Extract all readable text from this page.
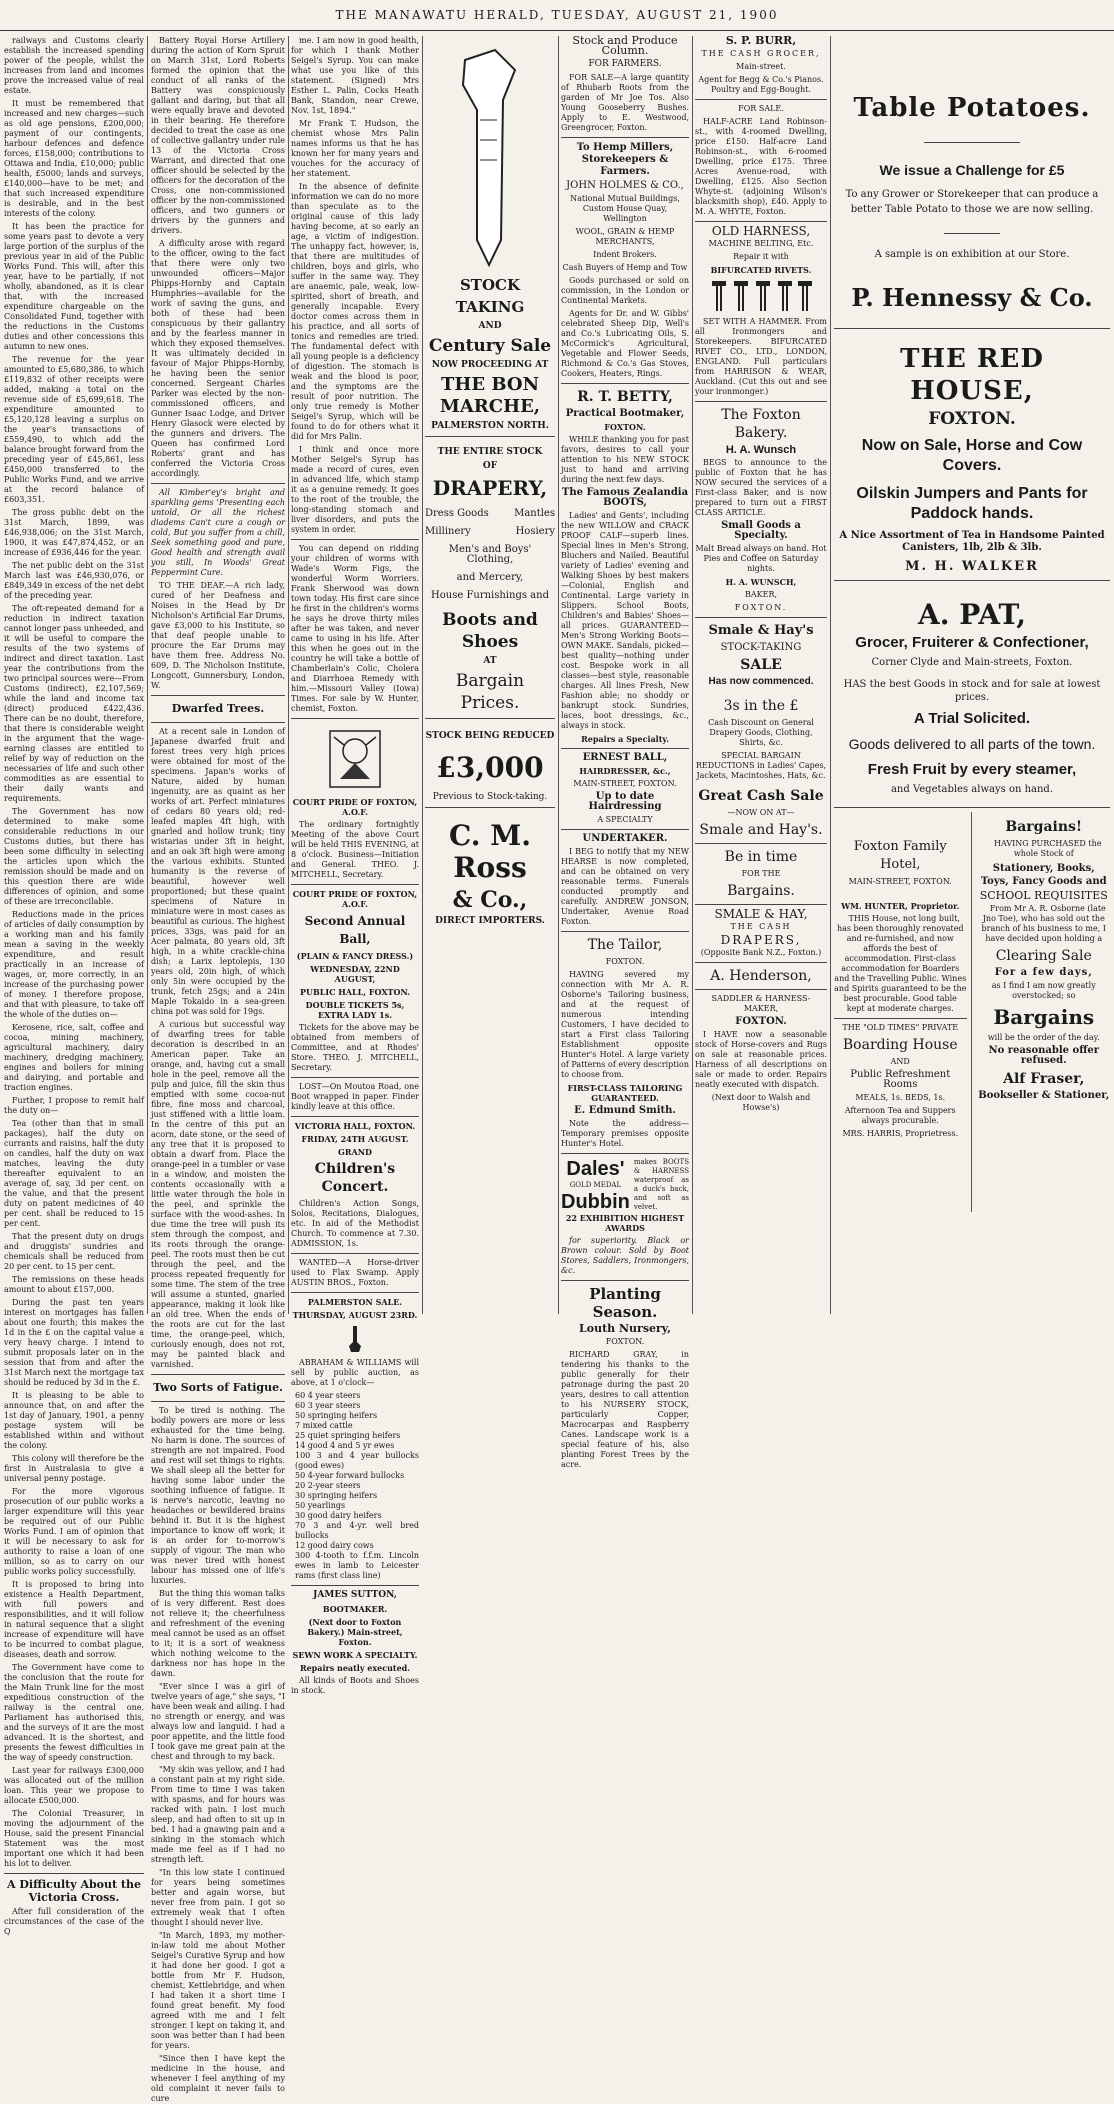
THE MANAWATU HERALD, TUESDAY, AUGUST 21, 1900

railways and Customs clearly establish the increased spending power of the people, whilst the increases from land and incomes prove the increased value of real estate.

It must be remembered that increased and new charges—such as old age pensions, £200,000; payment of our contingents, harbour defences and defence forces, £158,000; contributions to Ottawa and India, £10,000; public health, £5000; lands and surveys, £140,000—have to be met; and that such increased expenditure is desirable, and in the best interests of the colony.

It has been the practice for some years past to devote a very large portion of the surplus of the previous year in aid of the Public Works Fund. This will, after this year, have to be partially, if not wholly, abandoned, as it is clear that, with the increased expenditure chargeable on the Consolidated Fund, together with the reductions in the Customs duties and other concessions this autumn to new ones.

The revenue for the year amounted to £5,680,386, to which £119,832 of other receipts were added, making a total on the revenue side of £5,699,618. The expenditure amounted to £5,120,128 leaving a surplus on the year's transactions of £559,490, to which add the balance brought forward from the preceding year of £45,861, less £450,000 transferred to the Public Works Fund, and we arrive at the record balance of £603,351.

The gross public debt on the 31st March, 1899, was £46,938,006; on the 31st March, 1900, it was £47,874,452, or an increase of £936,446 for the year.

The net public debt on the 31st March last was £46,930,076, or £849,349 in excess of the net debt of the preceding year.

The oft-repeated demand for a reduction in indirect taxation cannot longer pass unheeded, and it will be useful to compare the results of the two systems of indirect and direct taxation. Last year the contributions from the two principal sources were—From Customs (indirect), £2,107,569; while the land and income tax (direct) produced £422,436. There can be no doubt, therefore, that there is considerable weight in the argument that the wage-earning classes are entitled to relief by way of reduction on the necessaries of life and such other commodities as are essential to their daily wants and requirements.

The Government has now determined to make some considerable reductions in our Customs duties, but there has been some difficulty in selecting the articles upon which the remission should be made and on this question there are wide differences of opinion, and some of these are irreconcilable.

Reductions made in the prices of articles of daily consumption by a working man and his family mean a saving in the weekly expenditure, and result practically in an increase of wages, or, more correctly, in an increase of the purchasing power of money. I therefore propose, and that with pleasure, to take off the whole of the duties on—

Kerosene, rice, salt, coffee and cocoa, mining machinery, agricultural machinery, dairy machinery, dredging machinery, engines and boilers for mining and dairying, and portable and traction engines.

Further, I propose to remit half the duty on—

Tea (other than that in small packages), half the duty on currants and raisins, half the duty on candles, half the duty on wax matches, leaving the duty thereafter equivalent to an average of, say, 3d per cent. on the value, and that the present duty on patent medicines of 40 per cent. shall be reduced to 15 per cent.

That the present duty on drugs and druggists' sundries and chemicals shall be reduced from 20 per cent. to 15 per cent.

The remissions on these heads amount to about £157,000.

During the past ten years interest on mortgages has fallen about one fourth; this makes the 1d in the £ on the capital value a very heavy charge. I intend to submit proposals later on in the session that from and after the 31st March next the mortgage tax should be reduced by 3d in the £.

It is pleasing to be able to announce that, on and after the 1st day of January, 1901, a penny postage system will be established within and without the colony.

This colony will therefore be the first in Australasia to give a universal penny postage.

For the more vigorous prosecution of our public works a larger expenditure will this year be required out of our Public Works Fund. I am of opinion that it will be necessary to ask for authority to raise a loan of one million, so as to carry on our public works policy successfully.

It is proposed to bring into existence a Health Department, with full powers and responsibilities, and it will follow in natural sequence that a slight increase of expenditure will have to be incurred to combat plague, diseases, death and sorrow.

The Government have come to the conclusion that the route for the Main Trunk line for the most expeditious construction of the railway is the central one. Parliament has authorised this, and the surveys of it are the most advanced. It is the shortest, and presents the fewest difficulties in the way of speedy construction.

Last year for railways £300,000 was allocated out of the million loan. This year we propose to allocate £500,000.

The Colonial Treasurer, in moving the adjournment of the House, said the present Financial Statement was the most important one which it had been his lot to deliver.

A Difficulty About the Victoria Cross.

After full consideration of the circumstances of the case of the Q

Battery Royal Horse Artillery during the action of Korn Spruit on March 31st, Lord Roberts formed the opinion that the conduct of all ranks of the Battery was conspicuously gallant and daring, but that all were equally brave and devoted in their bearing. He therefore decided to treat the case as one of collective gallantry under rule 13 of the Victoria Cross Warrant, and directed that one officer should be selected by the officers for the decoration of the Cross, one non-commissioned officer by the non-commissioned officers, and two gunners or drivers by the gunners and drivers.

A difficulty arose with regard to the officer, owing to the fact that there were only two unwounded officers—Major Phipps-Hornby and Captain Humphries—available for the work of saving the guns, and both of these had been conspicuous by their gallantry and by the fearless manner in which they exposed themselves. It was ultimately decided in favour of Major Phipps-Hornby, he having been the senior concerned. Sergeant Charles Parker was elected by the non-commissioned officers, and Gunner Isaac Lodge, and Driver Henry Glasock were elected by the gunners and drivers. The Queen has confirmed Lord Roberts' grant and has conferred the Victoria Cross accordingly.

All Kimber'ey's bright and sparkling gems 'Presenting each untold, Or all the richest diadems Can't cure a cough or cold, But you suffer from a chill, Seek something good and pure, Good health and strength avail you still, In Woods' Great Peppermint Cure.

TO THE DEAF.—A rich lady, cured of her Deafness and Noises in the Head by Dr Nicholson's Artificial Ear Drums, gave £3,000 to his Institute, so that deaf people unable to procure the Ear Drums may have them free. Address No. 609, D. The Nicholson Institute, Longcott, Gunnersbury, London, W.

Dwarfed Trees.

At a recent sale in London of Japanese dwarfed fruit and forest trees very high prices were obtained for most of the specimens. Japan's works of Nature, aided by human ingenuity, are as quaint as her works of art. Perfect miniatures of cedars 80 years old; red-leafed maples 4ft high, with gnarled and hollow trunk; tiny wistarias under 3ft in height, and an oak 3ft high were among the various exhibits. Stunted humanity is the reverse of beautiful, however well proportioned; but these quaint specimens of Nature in miniature were in most cases as beautiful as curious. The highest prices, 33gs, was paid for an Acer palmata, 80 years old, 3ft high, in a white crackle-china dish; a Larix leptolepis, 130 years old, 20in high, of which only 5in were occupied by the trunk, fetch 25gs; and a 24in Maple Tokaido in a sea-green china pot was sold for 19gs.

A curious but successful way of dwarfing trees for table decoration is described in an American paper. Take an orange, and, having cut a small hole in the peel, remove all the pulp and juice, fill the skin thus emptied with some cocoa-nut fibre, fine moss and charcoal, just stiffened with a little loam. In the centre of this put an acorn, date stone, or the seed of any tree that it is proposed to obtain a dwarf from. Place the orange-peel in a tumbler or vase in a window, and moisten the contents occasionally with a little water through the hole in the peel, and sprinkle the surface with the wood-ashes. In due time the tree will push its stem through the compost, and its roots through the orange-peel. The roots must then be cut through the peel, and the process repeated frequently for some time. The stem of the tree will assume a stunted, gnarled appearance, making it look like an old tree. When the ends of the roots are cut for the last time, the orange-peel, which, curiously enough, does not rot, may be painted black and varnished.

Two Sorts of Fatigue.

To be tired is nothing. The bodily powers are more or less exhausted for the time being. No harm is done. The sources of strength are not impaired. Food and rest will set things to rights. We shall sleep all the better for having some labor under the soothing influence of fatigue. It is nerve's narcotic, leaving no headaches or bewildered brains behind it. But it is the highest importance to know off work; it is an order for to-morrow's supply of vigour. The man who was never tired with honest labour has missed one of life's luxuries.

But the thing this woman talks of is very different. Rest does not relieve it; the cheerfulness and refreshment of the evening meal cannot be used as an offset to it; it is a sort of weakness which nothing welcome to the darkness nor has hope in the dawn.

"Ever since I was a girl of twelve years of age," she says, "I have been weak and ailing. I had no strength or energy, and was always low and languid. I had a poor appetite, and the little food I took gave me great pain at the chest and through to my back.

"My skin was yellow, and I had a constant pain at my right side. From time to time I was taken with spasms, and for hours was racked with pain. I lost much sleep, and had often to sit up in bed. I had a gnawing pain and a sinking in the stomach which made me feel as if I had no strength left.

"In this low state I continued for years being sometimes better and again worse, but never free from pain. I got so extremely weak that I often thought I should never live.

"In March, 1893, my mother-in-law told me about Mother Seigel's Curative Syrup and how it had done her good. I got a bottle from Mr F. Hudson, chemist, Kettlebridge, and when I had taken it a short time I found great benefit. My food agreed with me and I felt stronger. I kept on taking it, and soon was better than I had been for years.

"Since then I have kept the medicine in the house, and whenever I feel anything of my old complaint it never fails to cure

me. I am now in good health, for which I thank Mother Seigel's Syrup. You can make what use you like of this statement. (Signed) Mrs Esther L. Palin, Cocks Heath Bank, Standon, near Crewe, Nov. 1st, 1894."

Mr Frank T. Hudson, the chemist whose Mrs Palin names informs us that he has known her for many years and vouches for the accuracy of her statement.

In the absence of definite information we can do no more than speculate as to the original cause of this lady having become, at so early an age, a victim of indigestion. The unhappy fact, however, is, that there are multitudes of children, boys and girls, who suffer in the same way. They are anaemic, pale, weak, low-spirited, short of breath, and generally incapable. Every doctor comes across them in his practice, and all sorts of tonics and remedies are tried. The fundamental defect with all young people is a deficiency of digestion. The stomach is weak and the blood is poor, and the symptoms are the result of poor nutrition. The only true remedy is Mother Seigel's Syrup, which will be found to do for others what it did for Mrs Palin.

I think and once more Mother Seigel's Syrup has made a record of cures, even in advanced life, which stamp it as a genuine remedy. It goes to the root of the trouble, the long-standing stomach and liver disorders, and puts the system in order.

You can depend on ridding your children of worms with Wade's Worm Figs, the wonderful Worm Worriers. Frank Sherwood was down town today. His first care since he first in the children's worms he says he drove thirty miles after he was taken, and never came to using in his life. After this when he goes out in the country he will take a bottle of Chamberlain's Colic, Cholera and Diarrhoea Remedy with him.—Missouri Valley (Iowa) Times. For sale by W. Hunter, chemist, Foxton.

COURT PRIDE OF FOXTON, A.O.F.

The ordinary fortnightly Meeting of the above Court will be held THIS EVENING, at 8 o'clock. Business—Initiation and General. THEO. J. MITCHELL, Secretary.

COURT PRIDE OF FOXTON, A.O.F.

Second Annual Ball,

(PLAIN & FANCY DRESS.)

WEDNESDAY, 22ND AUGUST,

PUBLIC HALL, FOXTON.

DOUBLE TICKETS 5s, EXTRA LADY 1s.

Tickets for the above may be obtained from members of Committee, and at Rhodes' Store. THEO. J. MITCHELL, Secretary.

LOST—On Moutoa Road, one Boot wrapped in paper. Finder kindly leave at this office.

VICTORIA HALL, FOXTON.

FRIDAY, 24TH AUGUST.

GRAND

Children's Concert.

Children's Action Songs, Solos, Recitations, Dialogues, etc. In aid of the Methodist Church. To commence at 7.30. ADMISSION, 1s.

WANTED—A Horse-driver used to Flax Swamp. Apply AUSTIN BROS., Foxton.

PALMERSTON SALE.

THURSDAY, AUGUST 23RD.

ABRAHAM & WILLIAMS will sell by public auction, as above, at 1 o'clock—

60 4 year steers
60 3 year steers
50 springing heifers
7 mixed cattle
25 quiet springing heifers
14 good 4 and 5 yr ewes
100 3 and 4 year bullocks (good ewes)
50 4-year forward bullocks
20 2-year steers
30 springing heifers
50 yearlings
30 good dairy heifers
70 3 and 4-yr. well bred bullocks
12 good dairy cows
300 4-tooth to f.f.m. Lincoln ewes in lamb to Leicester rams (first class line)

JAMES SUTTON,

BOOTMAKER.

(Next door to Foxton Bakery.) Main-street, Foxton.

SEWN WORK A SPECIALTY.

Repairs neatly executed.

All kinds of Boots and Shoes in stock.

STOCK TAKING

AND

Century Sale

NOW PROCEEDING AT

THE BON MARCHE,

PALMERSTON NORTH.

THE ENTIRE STOCK

OF

DRAPERY,

Dress Goods	Mantles
Millinery	Hosiery

Men's and Boys' Clothing,

and Mercery,

House Furnishings and

Boots and Shoes

AT

Bargain Prices.

STOCK BEING REDUCED

£3,000

Previous to Stock-taking.

C. M. Ross

& Co.,

DIRECT IMPORTERS.

Stock and Produce Column.

FOR FARMERS.

FOR SALE—A large quantity of Rhubarb Roots from the garden of Mr Joe Tos. Also Young Gooseberry Bushes. Apply to E. Westwood, Greengrocer, Foxton.

To Hemp Millers, Storekeepers & Farmers.

JOHN HOLMES & CO.,

National Mutual Buildings, Custom House Quay, Wellington

WOOL, GRAIN & HEMP MERCHANTS,

Indent Brokers.

Cash Buyers of Hemp and Tow

Goods purchased or sold on commission, in the London or Continental Markets.

Agents for Dr. and W. Gibbs' celebrated Sheep Dip, Well's and Co.'s Lubricating Oils, S. McCormick's Agricultural, Vegetable and Flower Seeds, Richmond & Co.'s Gas Stoves, Cookers, Heaters, Rings.

R. T. BETTY,

Practical Bootmaker,

FOXTON.

WHILE thanking you for past favors, desires to call your attention to his NEW STOCK just to hand and arriving during the next few days.

The Famous Zealandia BOOTS,

Ladies' and Gents', including the new WILLOW and CRACK PROOF CALF—superb lines. Special lines in Men's Strong, Bluchers and Nailed. Beautiful variety of Ladies' evening and Walking Shoes by best makers—Colonial, English and Continental. Large variety in Slippers. School Boots, Children's and Babies' Shoes—all prices. GUARANTEED—Men's Strong Working Boots—OWN MAKE. Sandals, picked—best quality—nothing under cost. Bespoke work in all classes—best style, reasonable charges. All lines Fresh, New Fashion able; no shoddy or bankrupt stock. Sundries, laces, boot dressings, &c., always in stock.

Repairs a Specialty.

ERNEST BALL,

HAIRDRESSER, &c.,

MAIN-STREET, FOXTON.

Up to date Hairdressing

A SPECIALTY

UNDERTAKER.

I BEG to notify that my NEW HEARSE is now completed, and can be obtained on very reasonable terms. Funerals conducted promptly and carefully. ANDREW JONSON, Undertaker, Avenue Road Foxton.

The Tailor,

FOXTON.

HAVING severed my connection with Mr A. R. Osborne's Tailoring business, and at the request of numerous intending Customers, I have decided to start a First class Tailoring Establishment opposite Hunter's Hotel. A large variety of Patterns of every description to choose from.

FIRST-CLASS TAILORING GUARANTEED.

E. Edmund Smith.

Note the address—Temporary premises opposite Hunter's Hotel.

Dales'
GOLD MEDAL
Dubbin
makes BOOTS & HARNESS waterproof as a duck's back, and soft as velvet.

22 EXHIBITION HIGHEST AWARDS

for superiority. Black or Brown colour. Sold by Boot Stores, Saddlers, Ironmongers, &c.

Planting Season.

Louth Nursery,

FOXTON.

RICHARD GRAY, in tendering his thanks to the public generally for their patronage during the past 20 years, desires to call attention to his NURSERY STOCK, particularly Copper, Macrocarpas and Raspberry Canes. Landscape work is a special feature of his, also planting Forest Trees by the acre.

S. P. BURR,

THE CASH GROCER,

Main-street.

Agent for Begg & Co.'s Pianos. Poultry and Egg-Bought.

FOR SALE.

HALF-ACRE Land Robinson-st., with 4-roomed Dwelling, price £150. Half-acre Land Robinson-st., with 6-roomed Dwelling, price £175. Three Acres Avenue-road, with Dwelling, £125. Also Section Whyte-st. (adjoining Wilson's blacksmith shop), £40. Apply to M. A. WHYTE, Foxton.

OLD HARNESS,

MACHINE BELTING, Etc.

Repair it with

BIFURCATED RIVETS.

SET WITH A HAMMER. From all Ironmongers and Storekeepers. BIFURCATED RIVET CO., LTD., LONDON, ENGLAND. Full particulars from HARRISON & WEAR, Auckland. (Cut this out and see your ironmonger.)

The Foxton Bakery.

H. A. Wunsch

BEGS to announce to the public of Foxton that he has NOW secured the services of a First-class Baker, and is now prepared to turn out a FIRST CLASS ARTICLE.

Small Goods a Specialty.

Malt Bread always on hand. Hot Pies and Coffee on Saturday nights.

H. A. WUNSCH,

BAKER,

FOXTON.

Smale & Hay's

STOCK-TAKING

SALE

Has now commenced.

3s in the £

Cash Discount on General Drapery Goods, Clothing, Shirts, &c.

SPECIAL BARGAIN REDUCTIONS in Ladies' Capes, Jackets, Macintoshes, Hats, &c.

Great Cash Sale

—NOW ON AT—

Smale and Hay's.

Be in time

FOR THE

Bargains.

SMALE & HAY,

THE CASH

DRAPERS,

(Opposite Bank N.Z., Foxton.)

A. Henderson,

SADDLER & HARNESS-MAKER,

FOXTON.

I HAVE now a seasonable stock of Horse-covers and Rugs on sale at reasonable prices. Harness of all descriptions on sale or made to order. Repairs neatly executed with dispatch.

(Next door to Walsh and Howse's)

Table Potatoes.

We issue a Challenge for £5

To any Grower or Storekeeper that can produce a better Table Potato to those we are now selling.

A sample is on exhibition at our Store.

P. Hennessy & Co.

THE RED HOUSE,

FOXTON.

Now on Sale, Horse and Cow Covers.

Oilskin Jumpers and Pants for Paddock hands.

A Nice Assortment of Tea in Handsome Painted Canisters, 1lb, 2lb & 3lb.

M. H. WALKER

A. PAT,

Grocer, Fruiterer & Confectioner,

Corner Clyde and Main-streets, Foxton.

HAS the best Goods in stock and for sale at lowest prices.

A Trial Solicited.

Goods delivered to all parts of the town.

Fresh Fruit by every steamer,

and Vegetables always on hand.

Foxton Family Hotel,

MAIN-STREET, FOXTON.

WM. HUNTER, Proprietor.

THIS House, not long built, has been thoroughly renovated and re-furnished, and now affords the best of accommodation. First-class accommodation for Boarders and the Travelling Public. Wines and Spirits guaranteed to be the best procurable. Good table kept at moderate charges.

THE "OLD TIMES" PRIVATE

Boarding House

AND

Public Refreshment Rooms

MEALS, 1s. BEDS, 1s.

Afternoon Tea and Suppers always procurable.

MRS. HARRIS, Proprietress.

Bargains!

HAVING PURCHASED the whole Stock of

Stationery, Books, Toys, Fancy Goods and

SCHOOL REQUISITES

From Mr A. R. Osborne (late Jno Toe), who has sold out the branch of his business to me, I have decided upon holding a

Clearing Sale

For a few days,

as I find I am now greatly overstocked; so

Bargains

will be the order of the day.

No reasonable offer refused.

Alf Fraser,

Bookseller & Stationer,
